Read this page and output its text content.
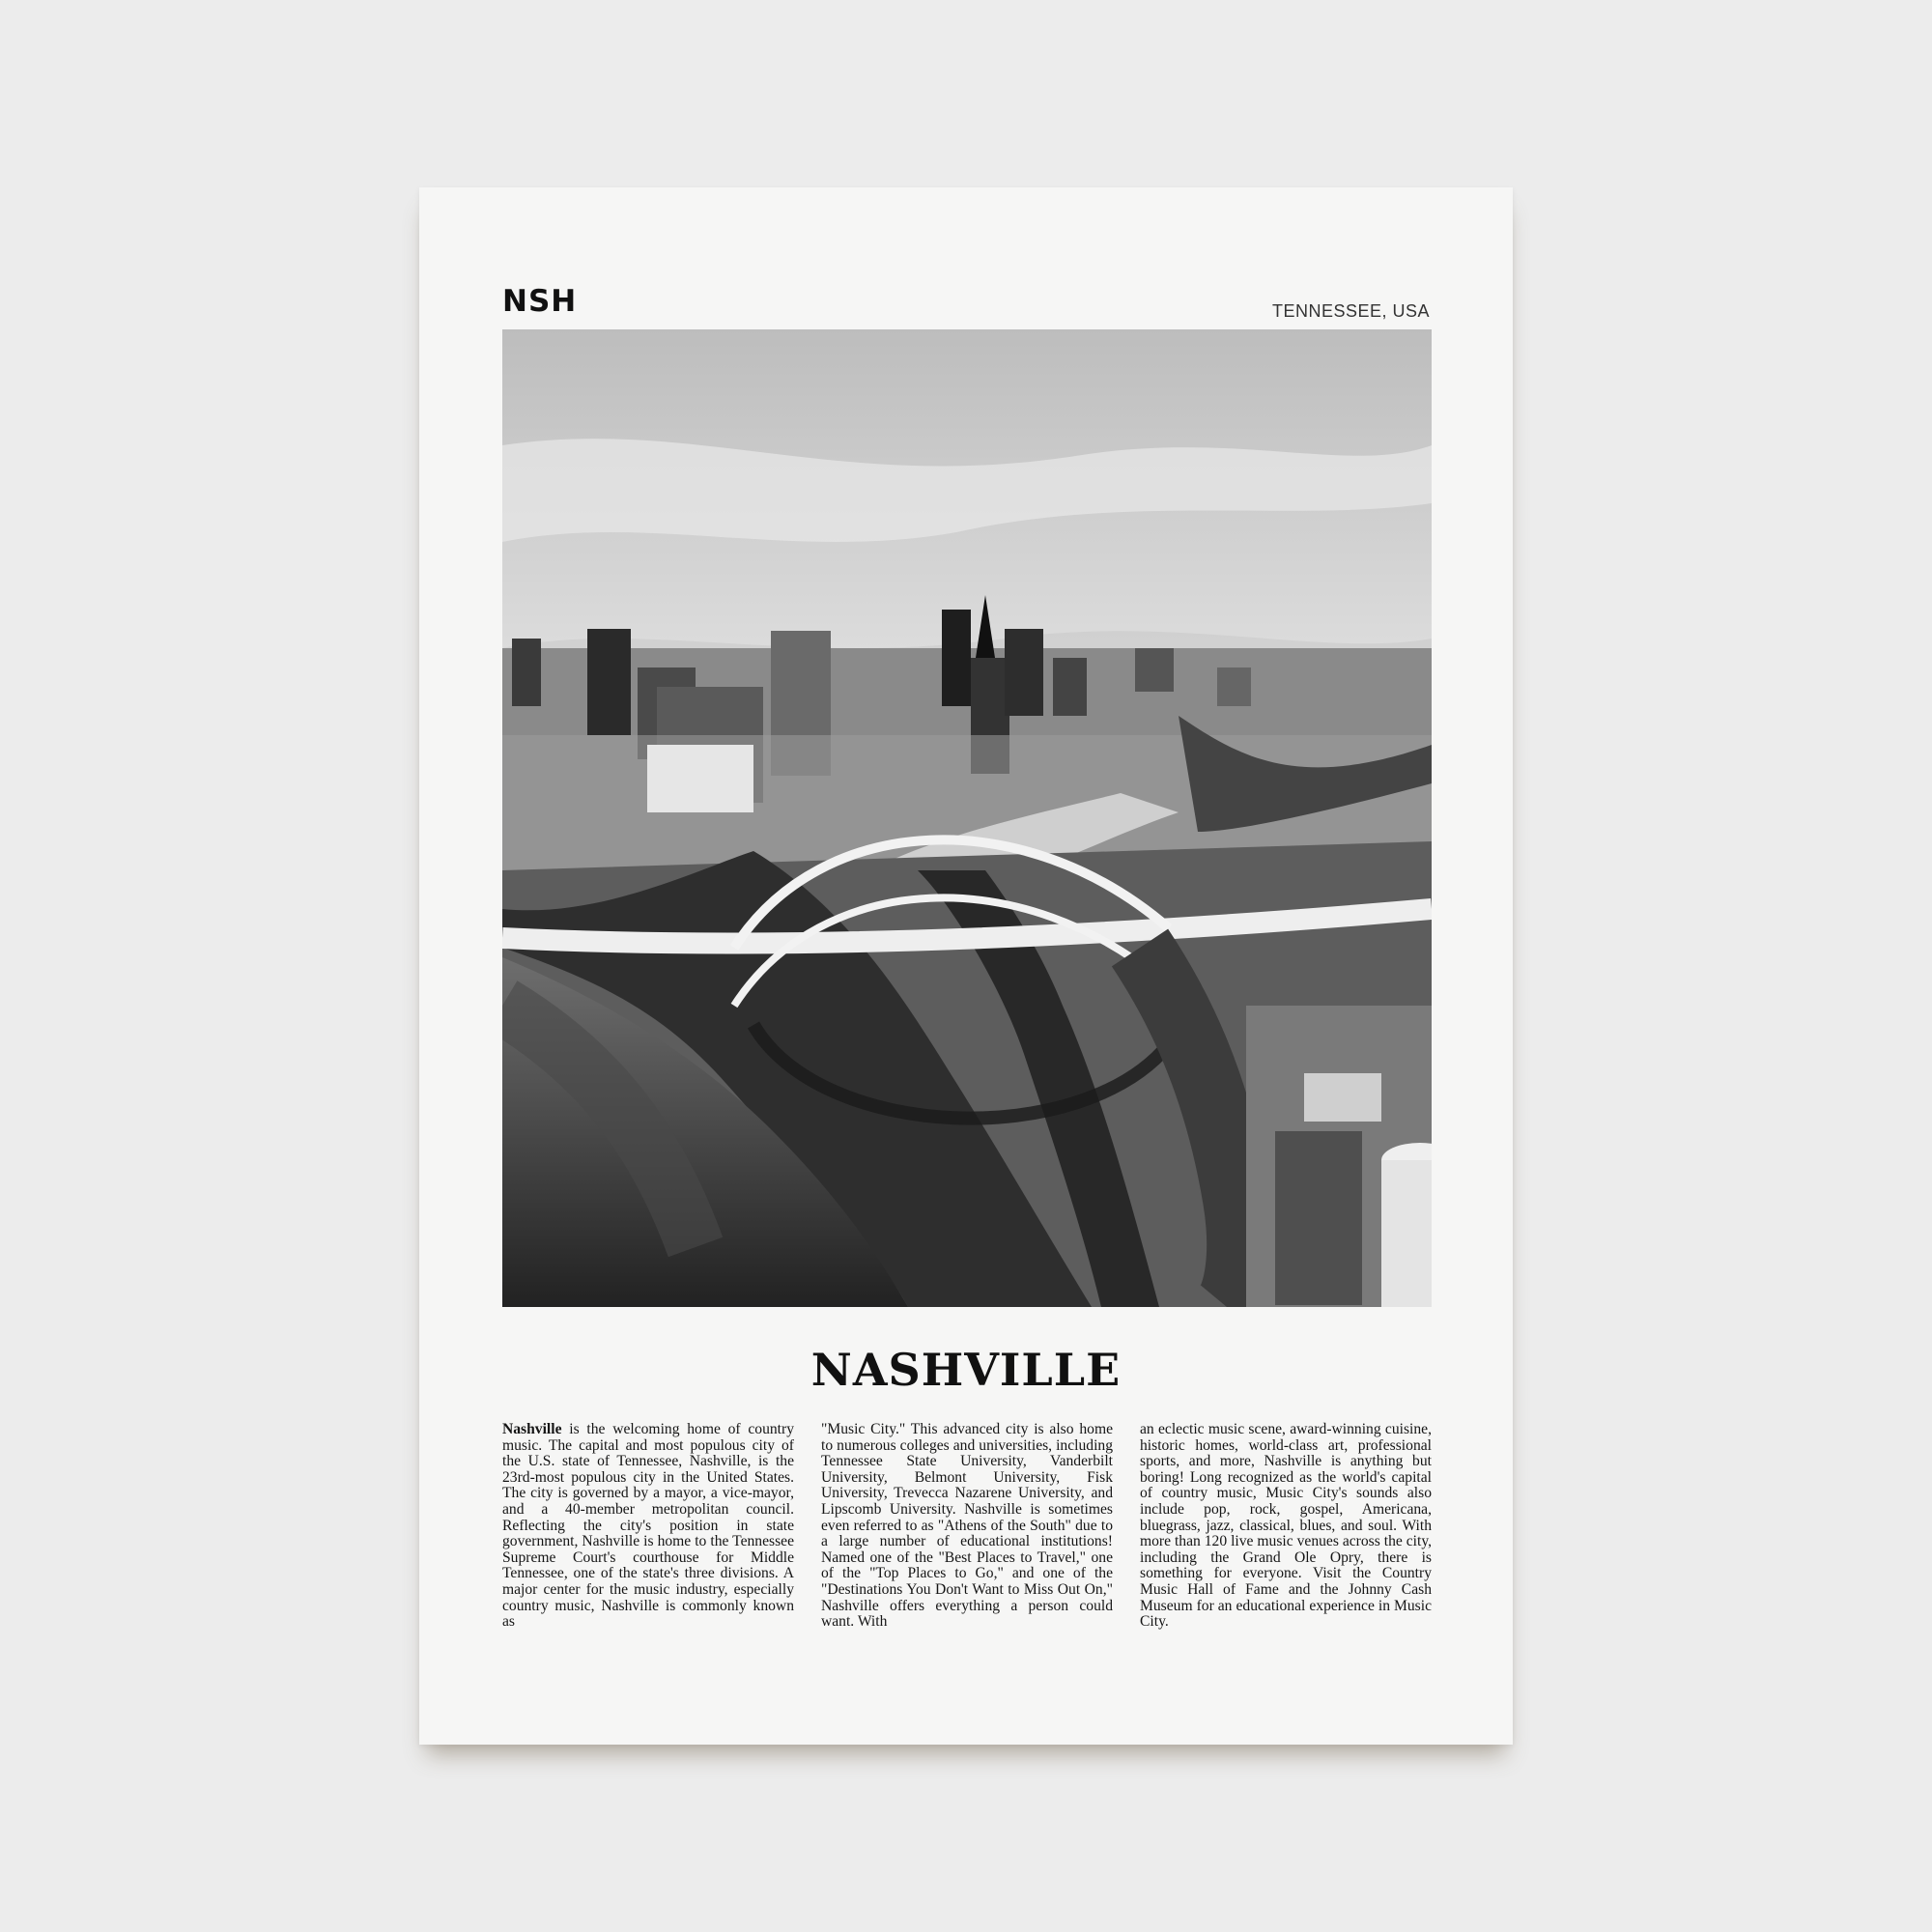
NSH	TENNESSEE, USA
NASHVILLE
Nashville is the welcoming home of country music. The capital and most populous city of the U.S. state of Tennessee, Nashville, is the 23rd-most populous city in the United States. The city is governed by a mayor, a vice-mayor, and a 40-member metropolitan council. Reflecting the city's position in state government, Nashville is home to the Tennessee Supreme Court's courthouse for Middle Tennessee, one of the state's three divisions. A major center for the music industry, especially country music, Nashville is commonly known as
"Music City." This advanced city is also home to numerous colleges and universities, including Tennessee State University, Vanderbilt University, Belmont University, Fisk University, Trevecca Nazarene University, and Lipscomb University. Nashville is sometimes even referred to as "Athens of the South" due to a large number of educational institutions! Named one of the "Best Places to Travel," one of the "Top Places to Go," and one of the "Destinations You Don't Want to Miss Out On," Nashville offers everything a person could want. With
an eclectic music scene, award-winning cuisine, historic homes, world-class art, professional sports, and more, Nashville is anything but boring! Long recognized as the world's capital of country music, Music City's sounds also include pop, rock, gospel, Americana, bluegrass, jazz, classical, blues, and soul. With more than 120 live music venues across the city, including the Grand Ole Opry, there is something for everyone. Visit the Country Music Hall of Fame and the Johnny Cash Museum for an educational experience in Music City.
